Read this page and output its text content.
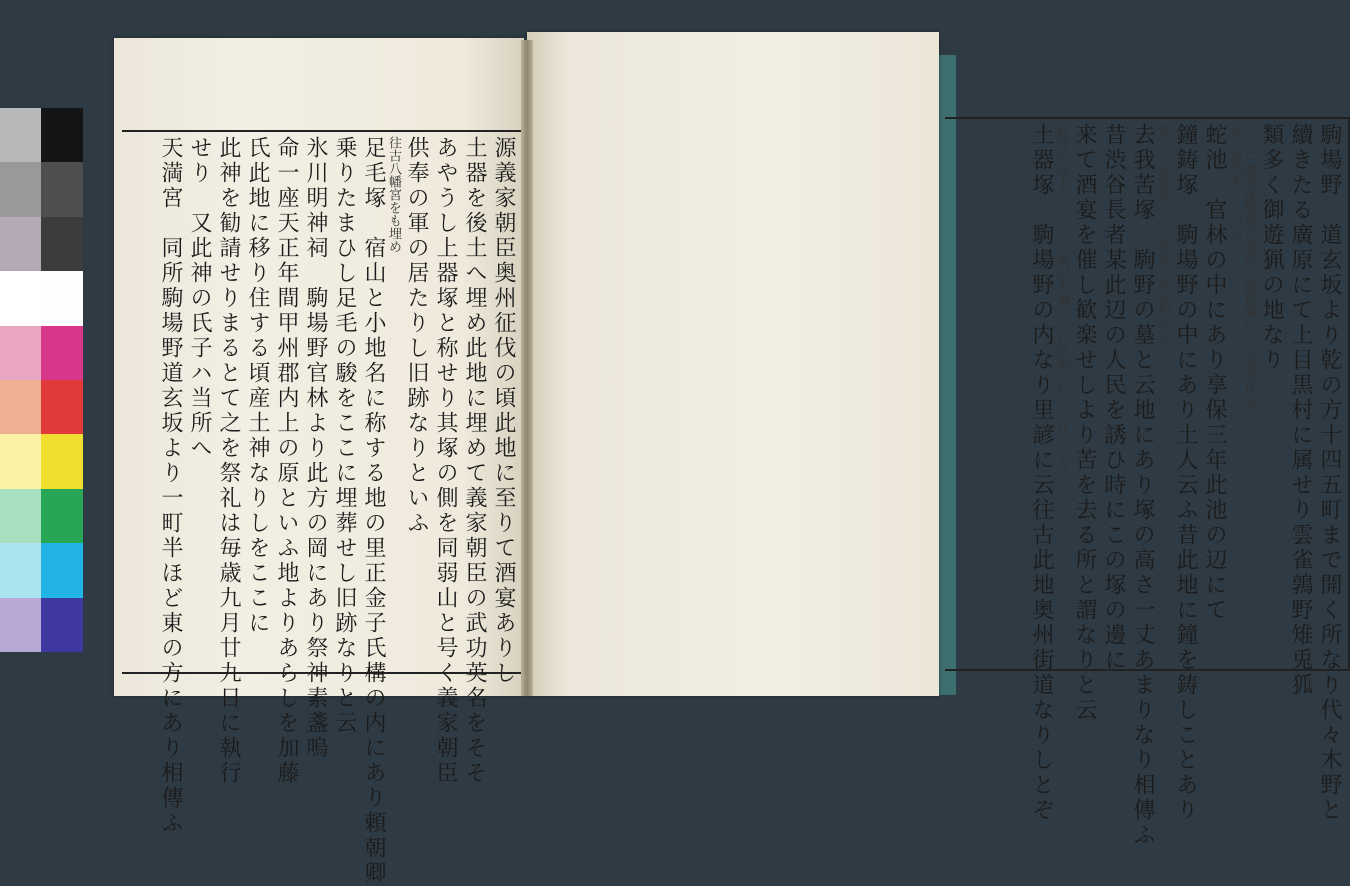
源義家朝臣奥州征伐の頃此地に至りて酒宴ありし
土器を後土へ埋め此地に埋めて義家朝臣の武功英名をそそ
あやうし上器塚と称せり其塚の側を同弱山と号く義家朝臣
供奉の軍の居たりし旧跡なりといふ
往古八幡宮をも埋め
足毛塚　宿山と小地名に称する地の里正金子氏構の内にあり頼朝卿
乗りたまひし足毛の駿をここに埋葬せし旧跡なりと云
氷川明神祠　駒場野官林より此方の岡にあり祭神素盞嗚
命一座天正年間甲州郡内上の原といふ地よりあらしを加藤
氏此地に移り住する頃産土神なりしをここに
此神を勧請せりまるとて之を祭礼は毎歳九月廿九日に執行
せり　又此神の氏子ハ当所へ
天満宮　同所駒場野道玄坂より一町半ほど東の方にあり相傳ふ	駒場野　道玄坂より乾の方十四五町まで開く所なり代々木野と
續きたる廣原にて上目黒村に属せり雲雀鶉野雉兎狐
類多く御遊猟の地なり
ここに此地は駒場村高台の御狩場にして其形状を
以て此名ありといふ
蛇池　官林の中にあり享保三年此池の辺にて
鐘鋳塚　駒場野の中にあり土人云ふ昔此地に鐘を鋳しことあり
あるいは此池の下の水流下渋谷村の方へ
去我苦塚　駒野の墓と云地にあり塚の高さ一丈あまりなり相傳ふ
昔渋谷長者某此辺の人民を誘ひ時にこの塚の邊に
来て酒宴を催し歓楽せしより苦を去る所と謂なりと云
此塚の後土人云ふ右は祝詞を誦せしに此地に於いて往古より
土器塚　駒場野の内なり里諺に云往古此地奥州街道なりしとぞ
